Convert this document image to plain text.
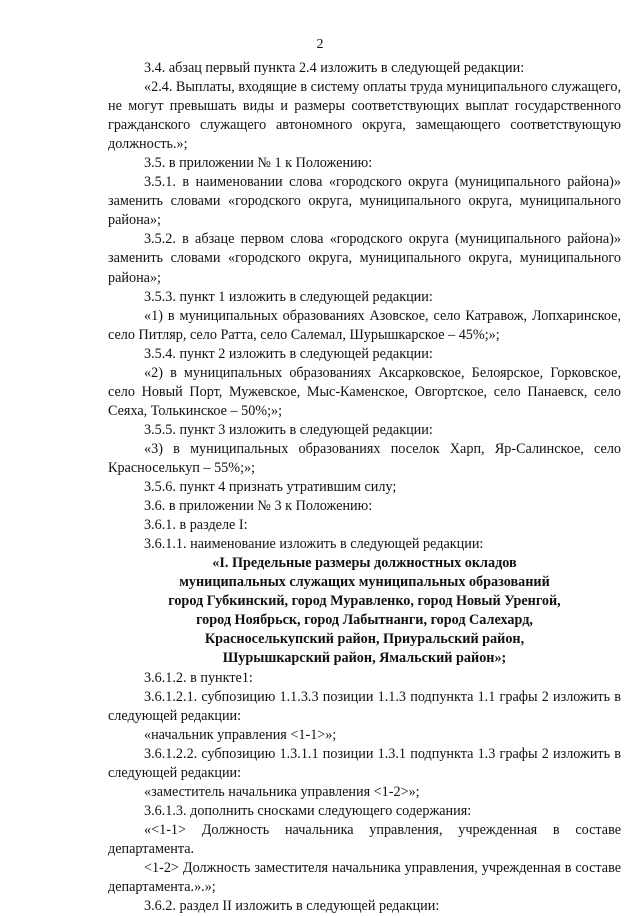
2

3.4. абзац первый пункта 2.4 изложить в следующей редакции:

«2.4. Выплаты, входящие в систему оплаты труда муниципального служащего, не могут превышать виды и размеры соответствующих выплат государственного гражданского служащего автономного округа, замещающего соответствующую должность.»;

3.5. в приложении № 1 к Положению:

3.5.1. в наименовании слова «городского округа (муниципального района)» заменить словами «городского округа, муниципального округа, муниципального района»;

3.5.2. в абзаце первом слова «городского округа (муниципального района)» заменить словами «городского округа, муниципального округа, муниципального района»;

3.5.3. пункт 1 изложить в следующей редакции:

«1) в муниципальных образованиях Азовское, село Катравож, Лопхаринское, село Питляр, село Ратта, село Салемал, Шурышкарское – 45%;»;

3.5.4. пункт 2 изложить в следующей редакции:

«2) в муниципальных образованиях Аксарковское, Белоярское, Горковское, село Новый Порт, Мужевское, Мыс-Каменское, Овгортское, село Панаевск, село Сеяха, Толькинское – 50%;»;

3.5.5. пункт 3 изложить в следующей редакции:

«3) в муниципальных образованиях поселок Харп, Яр-Салинское, село Красноселькуп – 55%;»;

3.5.6. пункт 4 признать утратившим силу;

3.6. в приложении № 3 к Положению:

3.6.1. в разделе I:

3.6.1.1. наименование изложить в следующей редакции:

«I. Предельные размеры должностных окладов

муниципальных служащих муниципальных образований

город Губкинский, город Муравленко, город Новый Уренгой,

город Ноябрьск, город Лабытнанги, город Салехард,

Красноселькупский район, Приуральский район,

Шурышкарский район, Ямальский район»;

3.6.1.2. в пункте1:

3.6.1.2.1. субпозицию 1.1.3.3 позиции 1.1.3 подпункта 1.1 графы 2 изложить в следующей редакции:

«начальник управления <1-1>»;

3.6.1.2.2. субпозицию 1.3.1.1 позиции 1.3.1 подпункта 1.3 графы 2 изложить в следующей редакции:

«заместитель начальника управления <1-2>»;

3.6.1.3. дополнить сносками следующего содержания:

«<1-1> Должность начальника управления, учрежденная в составе департамента.

<1-2> Должность заместителя начальника управления, учрежденная в составе департамента.».»;

3.6.2. раздел II изложить в следующей редакции:
